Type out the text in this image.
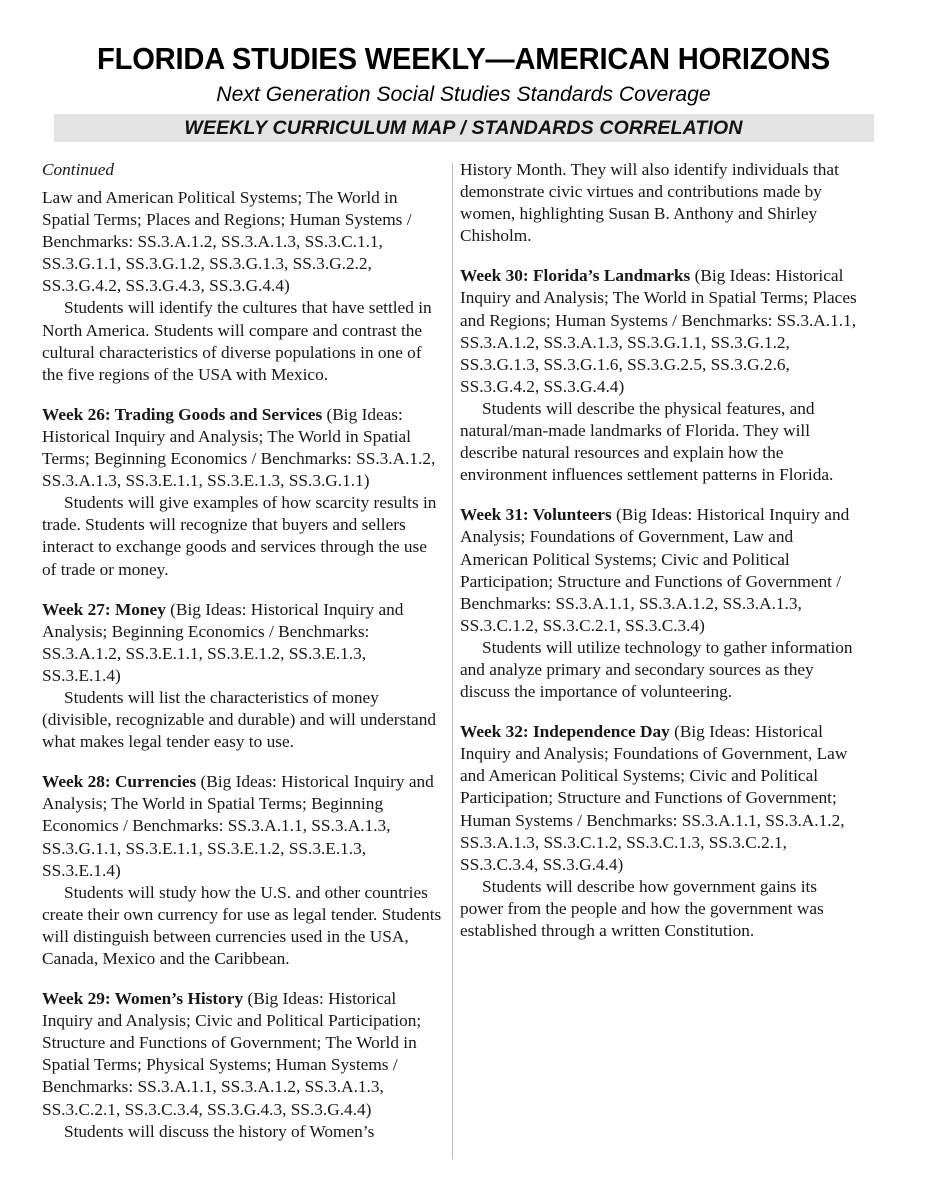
FLORIDA STUDIES WEEKLY—AMERICAN HORIZONS
Next Generation Social Studies Standards Coverage
WEEKLY CURRICULUM MAP / STANDARDS CORRELATION
Continued

Law and American Political Systems; The World in Spatial Terms; Places and Regions; Human Systems / Benchmarks: SS.3.A.1.2, SS.3.A.1.3, SS.3.C.1.1, SS.3.G.1.1, SS.3.G.1.2, SS.3.G.1.3, SS.3.G.2.2, SS.3.G.4.2, SS.3.G.4.3, SS.3.G.4.4)

Students will identify the cultures that have settled in North America. Students will compare and contrast the cultural characteristics of diverse populations in one of the five regions of the USA with Mexico.

Week 26: Trading Goods and Services (Big Ideas: Historical Inquiry and Analysis; The World in Spatial Terms; Beginning Economics / Benchmarks: SS.3.A.1.2, SS.3.A.1.3, SS.3.E.1.1, SS.3.E.1.3, SS.3.G.1.1)

Students will give examples of how scarcity results in trade. Students will recognize that buyers and sellers interact to exchange goods and services through the use of trade or money.

Week 27: Money (Big Ideas: Historical Inquiry and Analysis; Beginning Economics / Benchmarks: SS.3.A.1.2, SS.3.E.1.1, SS.3.E.1.2, SS.3.E.1.3, SS.3.E.1.4)

Students will list the characteristics of money (divisible, recognizable and durable) and will understand what makes legal tender easy to use.

Week 28: Currencies (Big Ideas: Historical Inquiry and Analysis; The World in Spatial Terms; Beginning Economics / Benchmarks: SS.3.A.1.1, SS.3.A.1.3, SS.3.G.1.1, SS.3.E.1.1, SS.3.E.1.2, SS.3.E.1.3, SS.3.E.1.4)

Students will study how the U.S. and other countries create their own currency for use as legal tender. Students will distinguish between currencies used in the USA, Canada, Mexico and the Caribbean.

Week 29: Women’s History (Big Ideas: Historical Inquiry and Analysis; Civic and Political Participation; Structure and Functions of Government; The World in Spatial Terms; Physical Systems; Human Systems / Benchmarks: SS.3.A.1.1, SS.3.A.1.2, SS.3.A.1.3, SS.3.C.2.1, SS.3.C.3.4, SS.3.G.4.3, SS.3.G.4.4)

Students will discuss the history of Women’s

History Month. They will also identify individuals that demonstrate civic virtues and contributions made by women, highlighting Susan B. Anthony and Shirley Chisholm.

Week 30: Florida’s Landmarks (Big Ideas: Historical Inquiry and Analysis; The World in Spatial Terms; Places and Regions; Human Systems / Benchmarks: SS.3.A.1.1, SS.3.A.1.2, SS.3.A.1.3, SS.3.G.1.1, SS.3.G.1.2, SS.3.G.1.3, SS.3.G.1.6, SS.3.G.2.5, SS.3.G.2.6, SS.3.G.4.2, SS.3.G.4.4)

Students will describe the physical features, and natural/man-made landmarks of Florida. They will describe natural resources and explain how the environment influences settlement patterns in Florida.

Week 31: Volunteers (Big Ideas: Historical Inquiry and Analysis; Foundations of Government, Law and American Political Systems; Civic and Political Participation; Structure and Functions of Government / Benchmarks: SS.3.A.1.1, SS.3.A.1.2, SS.3.A.1.3, SS.3.C.1.2, SS.3.C.2.1, SS.3.C.3.4)

Students will utilize technology to gather information and analyze primary and secondary sources as they discuss the importance of volunteering.

Week 32: Independence Day (Big Ideas: Historical Inquiry and Analysis; Foundations of Government, Law and American Political Systems; Civic and Political Participation; Structure and Functions of Government; Human Systems / Benchmarks: SS.3.A.1.1, SS.3.A.1.2, SS.3.A.1.3, SS.3.C.1.2, SS.3.C.1.3, SS.3.C.2.1, SS.3.C.3.4, SS.3.G.4.4)

Students will describe how government gains its power from the people and how the government was established through a written Constitution.
